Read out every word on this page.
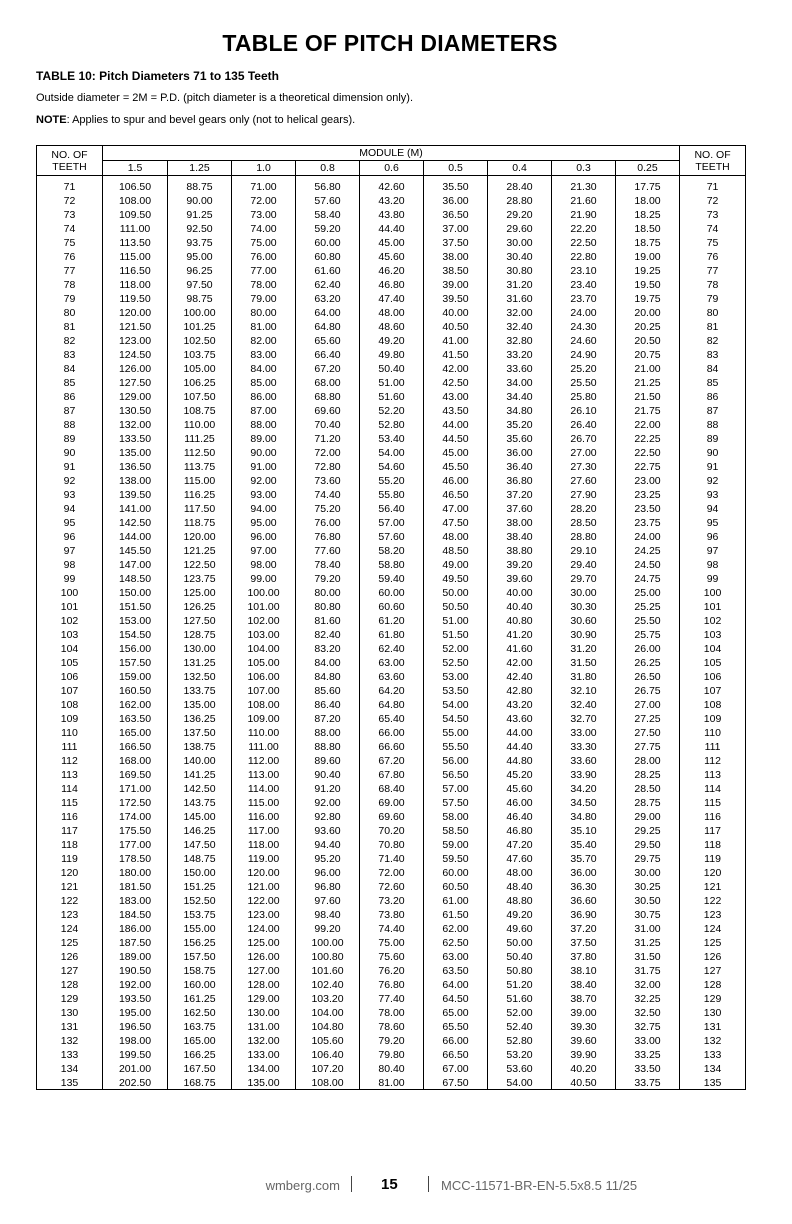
TABLE OF PITCH DIAMETERS
TABLE 10: Pitch Diameters 71 to 135 Teeth
Outside diameter = 2M = P.D. (pitch diameter is a theoretical dimension only).
NOTE: Applies to spur and bevel gears only (not to helical gears).
NO. OF
TEETH	MODULE (M)									NO. OF
TEETH
	1.5	1.25	1.0	0.8	0.6	0.5	0.4	0.3	0.25	
71	106.50	88.75	71.00	56.80	42.60	35.50	28.40	21.30	17.75	71
72	108.00	90.00	72.00	57.60	43.20	36.00	28.80	21.60	18.00	72
73	109.50	91.25	73.00	58.40	43.80	36.50	29.20	21.90	18.25	73
74	111.00	92.50	74.00	59.20	44.40	37.00	29.60	22.20	18.50	74
75	113.50	93.75	75.00	60.00	45.00	37.50	30.00	22.50	18.75	75
76	115.00	95.00	76.00	60.80	45.60	38.00	30.40	22.80	19.00	76
77	116.50	96.25	77.00	61.60	46.20	38.50	30.80	23.10	19.25	77
78	118.00	97.50	78.00	62.40	46.80	39.00	31.20	23.40	19.50	78
79	119.50	98.75	79.00	63.20	47.40	39.50	31.60	23.70	19.75	79
80	120.00	100.00	80.00	64.00	48.00	40.00	32.00	24.00	20.00	80
81	121.50	101.25	81.00	64.80	48.60	40.50	32.40	24.30	20.25	81
82	123.00	102.50	82.00	65.60	49.20	41.00	32.80	24.60	20.50	82
83	124.50	103.75	83.00	66.40	49.80	41.50	33.20	24.90	20.75	83
84	126.00	105.00	84.00	67.20	50.40	42.00	33.60	25.20	21.00	84
85	127.50	106.25	85.00	68.00	51.00	42.50	34.00	25.50	21.25	85
86	129.00	107.50	86.00	68.80	51.60	43.00	34.40	25.80	21.50	86
87	130.50	108.75	87.00	69.60	52.20	43.50	34.80	26.10	21.75	87
88	132.00	110.00	88.00	70.40	52.80	44.00	35.20	26.40	22.00	88
89	133.50	111.25	89.00	71.20	53.40	44.50	35.60	26.70	22.25	89
90	135.00	112.50	90.00	72.00	54.00	45.00	36.00	27.00	22.50	90
91	136.50	113.75	91.00	72.80	54.60	45.50	36.40	27.30	22.75	91
92	138.00	115.00	92.00	73.60	55.20	46.00	36.80	27.60	23.00	92
93	139.50	116.25	93.00	74.40	55.80	46.50	37.20	27.90	23.25	93
94	141.00	117.50	94.00	75.20	56.40	47.00	37.60	28.20	23.50	94
95	142.50	118.75	95.00	76.00	57.00	47.50	38.00	28.50	23.75	95
96	144.00	120.00	96.00	76.80	57.60	48.00	38.40	28.80	24.00	96
97	145.50	121.25	97.00	77.60	58.20	48.50	38.80	29.10	24.25	97
98	147.00	122.50	98.00	78.40	58.80	49.00	39.20	29.40	24.50	98
99	148.50	123.75	99.00	79.20	59.40	49.50	39.60	29.70	24.75	99
100	150.00	125.00	100.00	80.00	60.00	50.00	40.00	30.00	25.00	100
101	151.50	126.25	101.00	80.80	60.60	50.50	40.40	30.30	25.25	101
102	153.00	127.50	102.00	81.60	61.20	51.00	40.80	30.60	25.50	102
103	154.50	128.75	103.00	82.40	61.80	51.50	41.20	30.90	25.75	103
104	156.00	130.00	104.00	83.20	62.40	52.00	41.60	31.20	26.00	104
105	157.50	131.25	105.00	84.00	63.00	52.50	42.00	31.50	26.25	105
106	159.00	132.50	106.00	84.80	63.60	53.00	42.40	31.80	26.50	106
107	160.50	133.75	107.00	85.60	64.20	53.50	42.80	32.10	26.75	107
108	162.00	135.00	108.00	86.40	64.80	54.00	43.20	32.40	27.00	108
109	163.50	136.25	109.00	87.20	65.40	54.50	43.60	32.70	27.25	109
110	165.00	137.50	110.00	88.00	66.00	55.00	44.00	33.00	27.50	110
111	166.50	138.75	111.00	88.80	66.60	55.50	44.40	33.30	27.75	111
112	168.00	140.00	112.00	89.60	67.20	56.00	44.80	33.60	28.00	112
113	169.50	141.25	113.00	90.40	67.80	56.50	45.20	33.90	28.25	113
114	171.00	142.50	114.00	91.20	68.40	57.00	45.60	34.20	28.50	114
115	172.50	143.75	115.00	92.00	69.00	57.50	46.00	34.50	28.75	115
116	174.00	145.00	116.00	92.80	69.60	58.00	46.40	34.80	29.00	116
117	175.50	146.25	117.00	93.60	70.20	58.50	46.80	35.10	29.25	117
118	177.00	147.50	118.00	94.40	70.80	59.00	47.20	35.40	29.50	118
119	178.50	148.75	119.00	95.20	71.40	59.50	47.60	35.70	29.75	119
120	180.00	150.00	120.00	96.00	72.00	60.00	48.00	36.00	30.00	120
121	181.50	151.25	121.00	96.80	72.60	60.50	48.40	36.30	30.25	121
122	183.00	152.50	122.00	97.60	73.20	61.00	48.80	36.60	30.50	122
123	184.50	153.75	123.00	98.40	73.80	61.50	49.20	36.90	30.75	123
124	186.00	155.00	124.00	99.20	74.40	62.00	49.60	37.20	31.00	124
125	187.50	156.25	125.00	100.00	75.00	62.50	50.00	37.50	31.25	125
126	189.00	157.50	126.00	100.80	75.60	63.00	50.40	37.80	31.50	126
127	190.50	158.75	127.00	101.60	76.20	63.50	50.80	38.10	31.75	127
128	192.00	160.00	128.00	102.40	76.80	64.00	51.20	38.40	32.00	128
129	193.50	161.25	129.00	103.20	77.40	64.50	51.60	38.70	32.25	129
130	195.00	162.50	130.00	104.00	78.00	65.00	52.00	39.00	32.50	130
131	196.50	163.75	131.00	104.80	78.60	65.50	52.40	39.30	32.75	131
132	198.00	165.00	132.00	105.60	79.20	66.00	52.80	39.60	33.00	132
133	199.50	166.25	133.00	106.40	79.80	66.50	53.20	39.90	33.25	133
134	201.00	167.50	134.00	107.20	80.40	67.00	53.60	40.20	33.50	134
135	202.50	168.75	135.00	108.00	81.00	67.50	54.00	40.50	33.75	135
wmberg.com	15	MCC-11571-BR-EN-5.5x8.5 11/25
